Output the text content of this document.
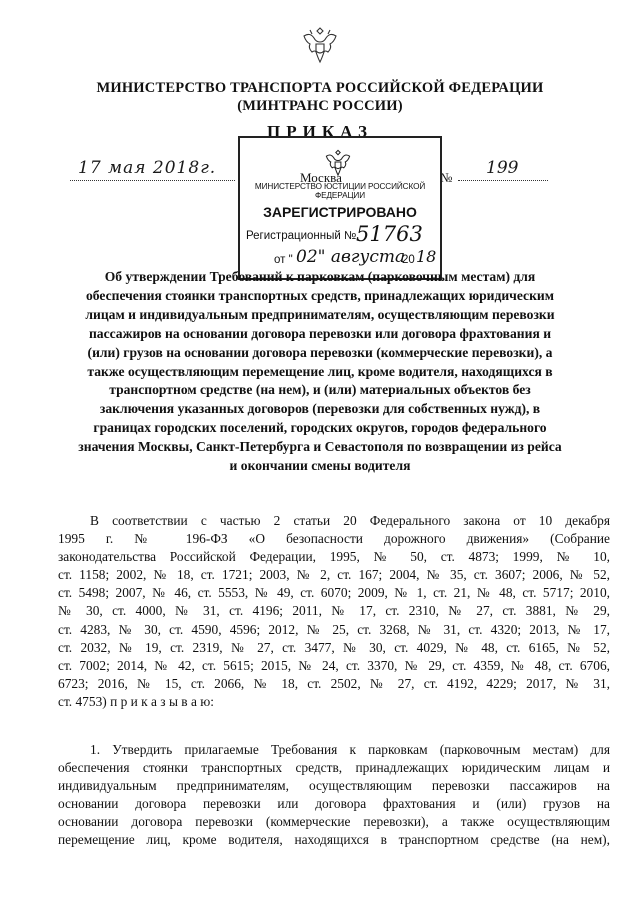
МИНИСТЕРСТВО ТРАНСПОРТА РОССИЙСКОЙ ФЕДЕРАЦИИ
(МИНТРАНС РОССИИ)
ПРИКАЗ
17 мая 2018г.	Москва	№ 199
МИНИСТЕРСТВО ЮСТИЦИИ РОССИЙСКОЙ ФЕДЕРАЦИИ
ЗАРЕГИСТРИРОВАНО
Регистрационный № 51763
от " 02" августа
20 18
Об утверждении Требований к парковкам (парковочным местам) для
обеспечения стоянки транспортных средств, принадлежащих юридическим
лицам и индивидуальным предпринимателям, осуществляющим перевозки
пассажиров на основании договора перевозки или договора фрахтования и
(или) грузов на основании договора перевозки (коммерческие перевозки), а
также осуществляющим перемещение лиц, кроме водителя, находящихся в
транспортном средстве (на нем), и (или) материальных объектов без
заключения указанных договоров (перевозки для собственных нужд), в
границах городских поселений, городских округов, городов федерального
значения Москвы, Санкт-Петербурга и Севастополя по возвращении из рейса
и окончании смены водителя
В соответствии с частью 2 статьи 20 Федерального закона от 10 декабря
1995 г. № 196-ФЗ «О безопасности дорожного движения» (Собрание
законодательства Российской Федерации, 1995, № 50, ст. 4873; 1999, № 10,
ст. 1158; 2002, № 18, ст. 1721; 2003, № 2, ст. 167; 2004, № 35, ст. 3607; 2006, № 52,
ст. 5498; 2007, № 46, ст. 5553, № 49, ст. 6070; 2009, № 1, ст. 21, № 48, ст. 5717; 2010,
№ 30, ст. 4000, № 31, ст. 4196; 2011, № 17, ст. 2310, № 27, ст. 3881, № 29,
ст. 4283, № 30, ст. 4590, 4596; 2012, № 25, ст. 3268, № 31, ст. 4320; 2013, № 17,
ст. 2032, № 19, ст. 2319, № 27, ст. 3477, № 30, ст. 4029, № 48, ст. 6165, № 52,
ст. 7002; 2014, № 42, ст. 5615; 2015, № 24, ст. 3370, № 29, ст. 4359, № 48, ст. 6706,
6723; 2016, № 15, ст. 2066, № 18, ст. 2502, № 27, ст. 4192, 4229; 2017, № 31,
ст. 4753) п р и к а з ы в а ю:
1. Утвердить прилагаемые Требования к парковкам (парковочным местам) для
обеспечения стоянки транспортных средств, принадлежащих юридическим лицам и
индивидуальным предпринимателям, осуществляющим перевозки пассажиров на
основании договора перевозки или договора фрахтования и (или) грузов на
основании договора перевозки (коммерческие перевозки), а также осуществляющим
перемещение лиц, кроме водителя, находящихся в транспортном средстве (на нем),
